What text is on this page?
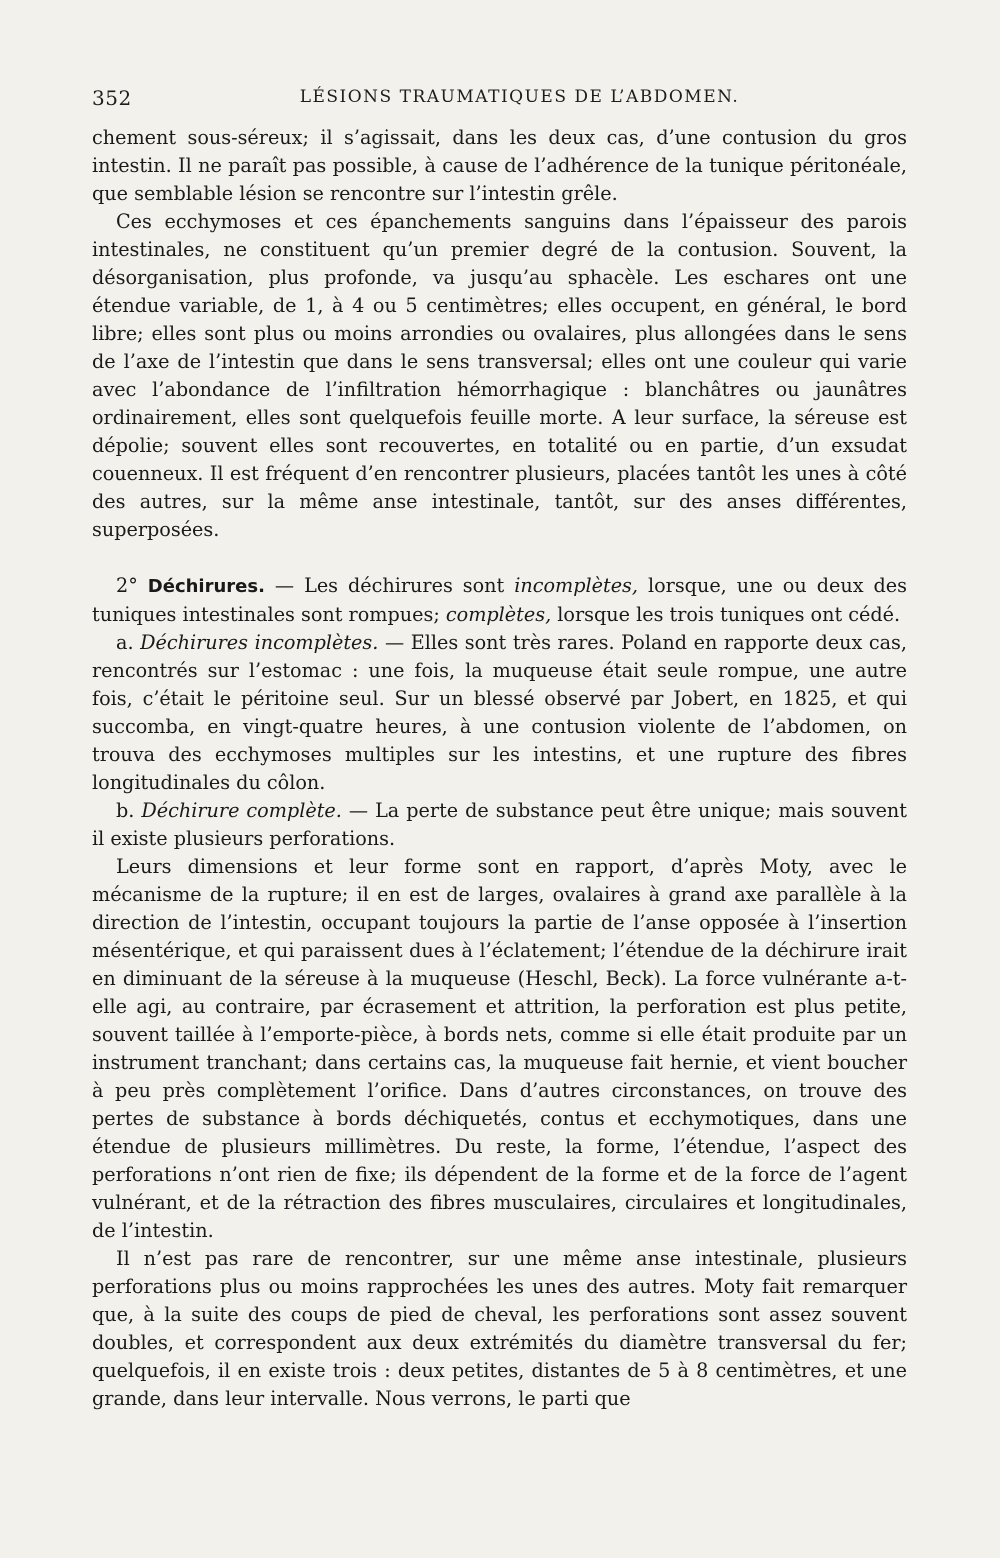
352	LÉSIONS TRAUMATIQUES DE L’ABDOMEN.

chement sous-séreux; il s’agissait, dans les deux cas, d’une contusion du gros intestin. Il ne paraît pas possible, à cause de l’adhérence de la tunique péritonéale, que semblable lésion se rencontre sur l’intestin grêle.

Ces ecchymoses et ces épanchements sanguins dans l’épaisseur des parois intestinales, ne constituent qu’un premier degré de la contusion. Souvent, la désorganisation, plus profonde, va jusqu’au sphacèle. Les eschares ont une étendue variable, de 1, à 4 ou 5 centimètres; elles occupent, en général, le bord libre; elles sont plus ou moins arrondies ou ovalaires, plus allongées dans le sens de l’axe de l’intestin que dans le sens transversal; elles ont une couleur qui varie avec l’abondance de l’infiltration hémorrhagique : blanchâtres ou jaunâtres ordinairement, elles sont quelquefois feuille morte. A leur surface, la séreuse est dépolie; souvent elles sont recouvertes, en totalité ou en partie, d’un exsudat couenneux. Il est fréquent d’en rencontrer plusieurs, placées tantôt les unes à côté des autres, sur la même anse intestinale, tantôt, sur des anses différentes, superposées.

2° Déchirures. — Les déchirures sont incomplètes, lorsque, une ou deux des tuniques intestinales sont rompues; complètes, lorsque les trois tuniques ont cédé.

a. Déchirures incomplètes. — Elles sont très rares. Poland en rapporte deux cas, rencontrés sur l’estomac : une fois, la muqueuse était seule rompue, une autre fois, c’était le péritoine seul. Sur un blessé observé par Jobert, en 1825, et qui succomba, en vingt-quatre heures, à une contusion violente de l’abdomen, on trouva des ecchymoses multiples sur les intestins, et une rupture des fibres longitudinales du côlon.

b. Déchirure complète. — La perte de substance peut être unique; mais souvent il existe plusieurs perforations.

Leurs dimensions et leur forme sont en rapport, d’après Moty, avec le mécanisme de la rupture; il en est de larges, ovalaires à grand axe parallèle à la direction de l’intestin, occupant toujours la partie de l’anse opposée à l’insertion mésentérique, et qui paraissent dues à l’éclatement; l’étendue de la déchirure irait en diminuant de la séreuse à la muqueuse (Heschl, Beck). La force vulnérante a-t-elle agi, au contraire, par écrasement et attrition, la perforation est plus petite, souvent taillée à l’emporte-pièce, à bords nets, comme si elle était produite par un instrument tranchant; dans certains cas, la muqueuse fait hernie, et vient boucher à peu près complètement l’orifice. Dans d’autres circonstances, on trouve des pertes de substance à bords déchiquetés, contus et ecchymotiques, dans une étendue de plusieurs millimètres. Du reste, la forme, l’étendue, l’aspect des perforations n’ont rien de fixe; ils dépendent de la forme et de la force de l’agent vulnérant, et de la rétraction des fibres musculaires, circulaires et longitudinales, de l’intestin.

Il n’est pas rare de rencontrer, sur une même anse intestinale, plusieurs perforations plus ou moins rapprochées les unes des autres. Moty fait remarquer que, à la suite des coups de pied de cheval, les perforations sont assez souvent doubles, et correspondent aux deux extrémités du diamètre transversal du fer; quelquefois, il en existe trois : deux petites, distantes de 5 à 8 centimètres, et une grande, dans leur intervalle. Nous verrons, le parti que
